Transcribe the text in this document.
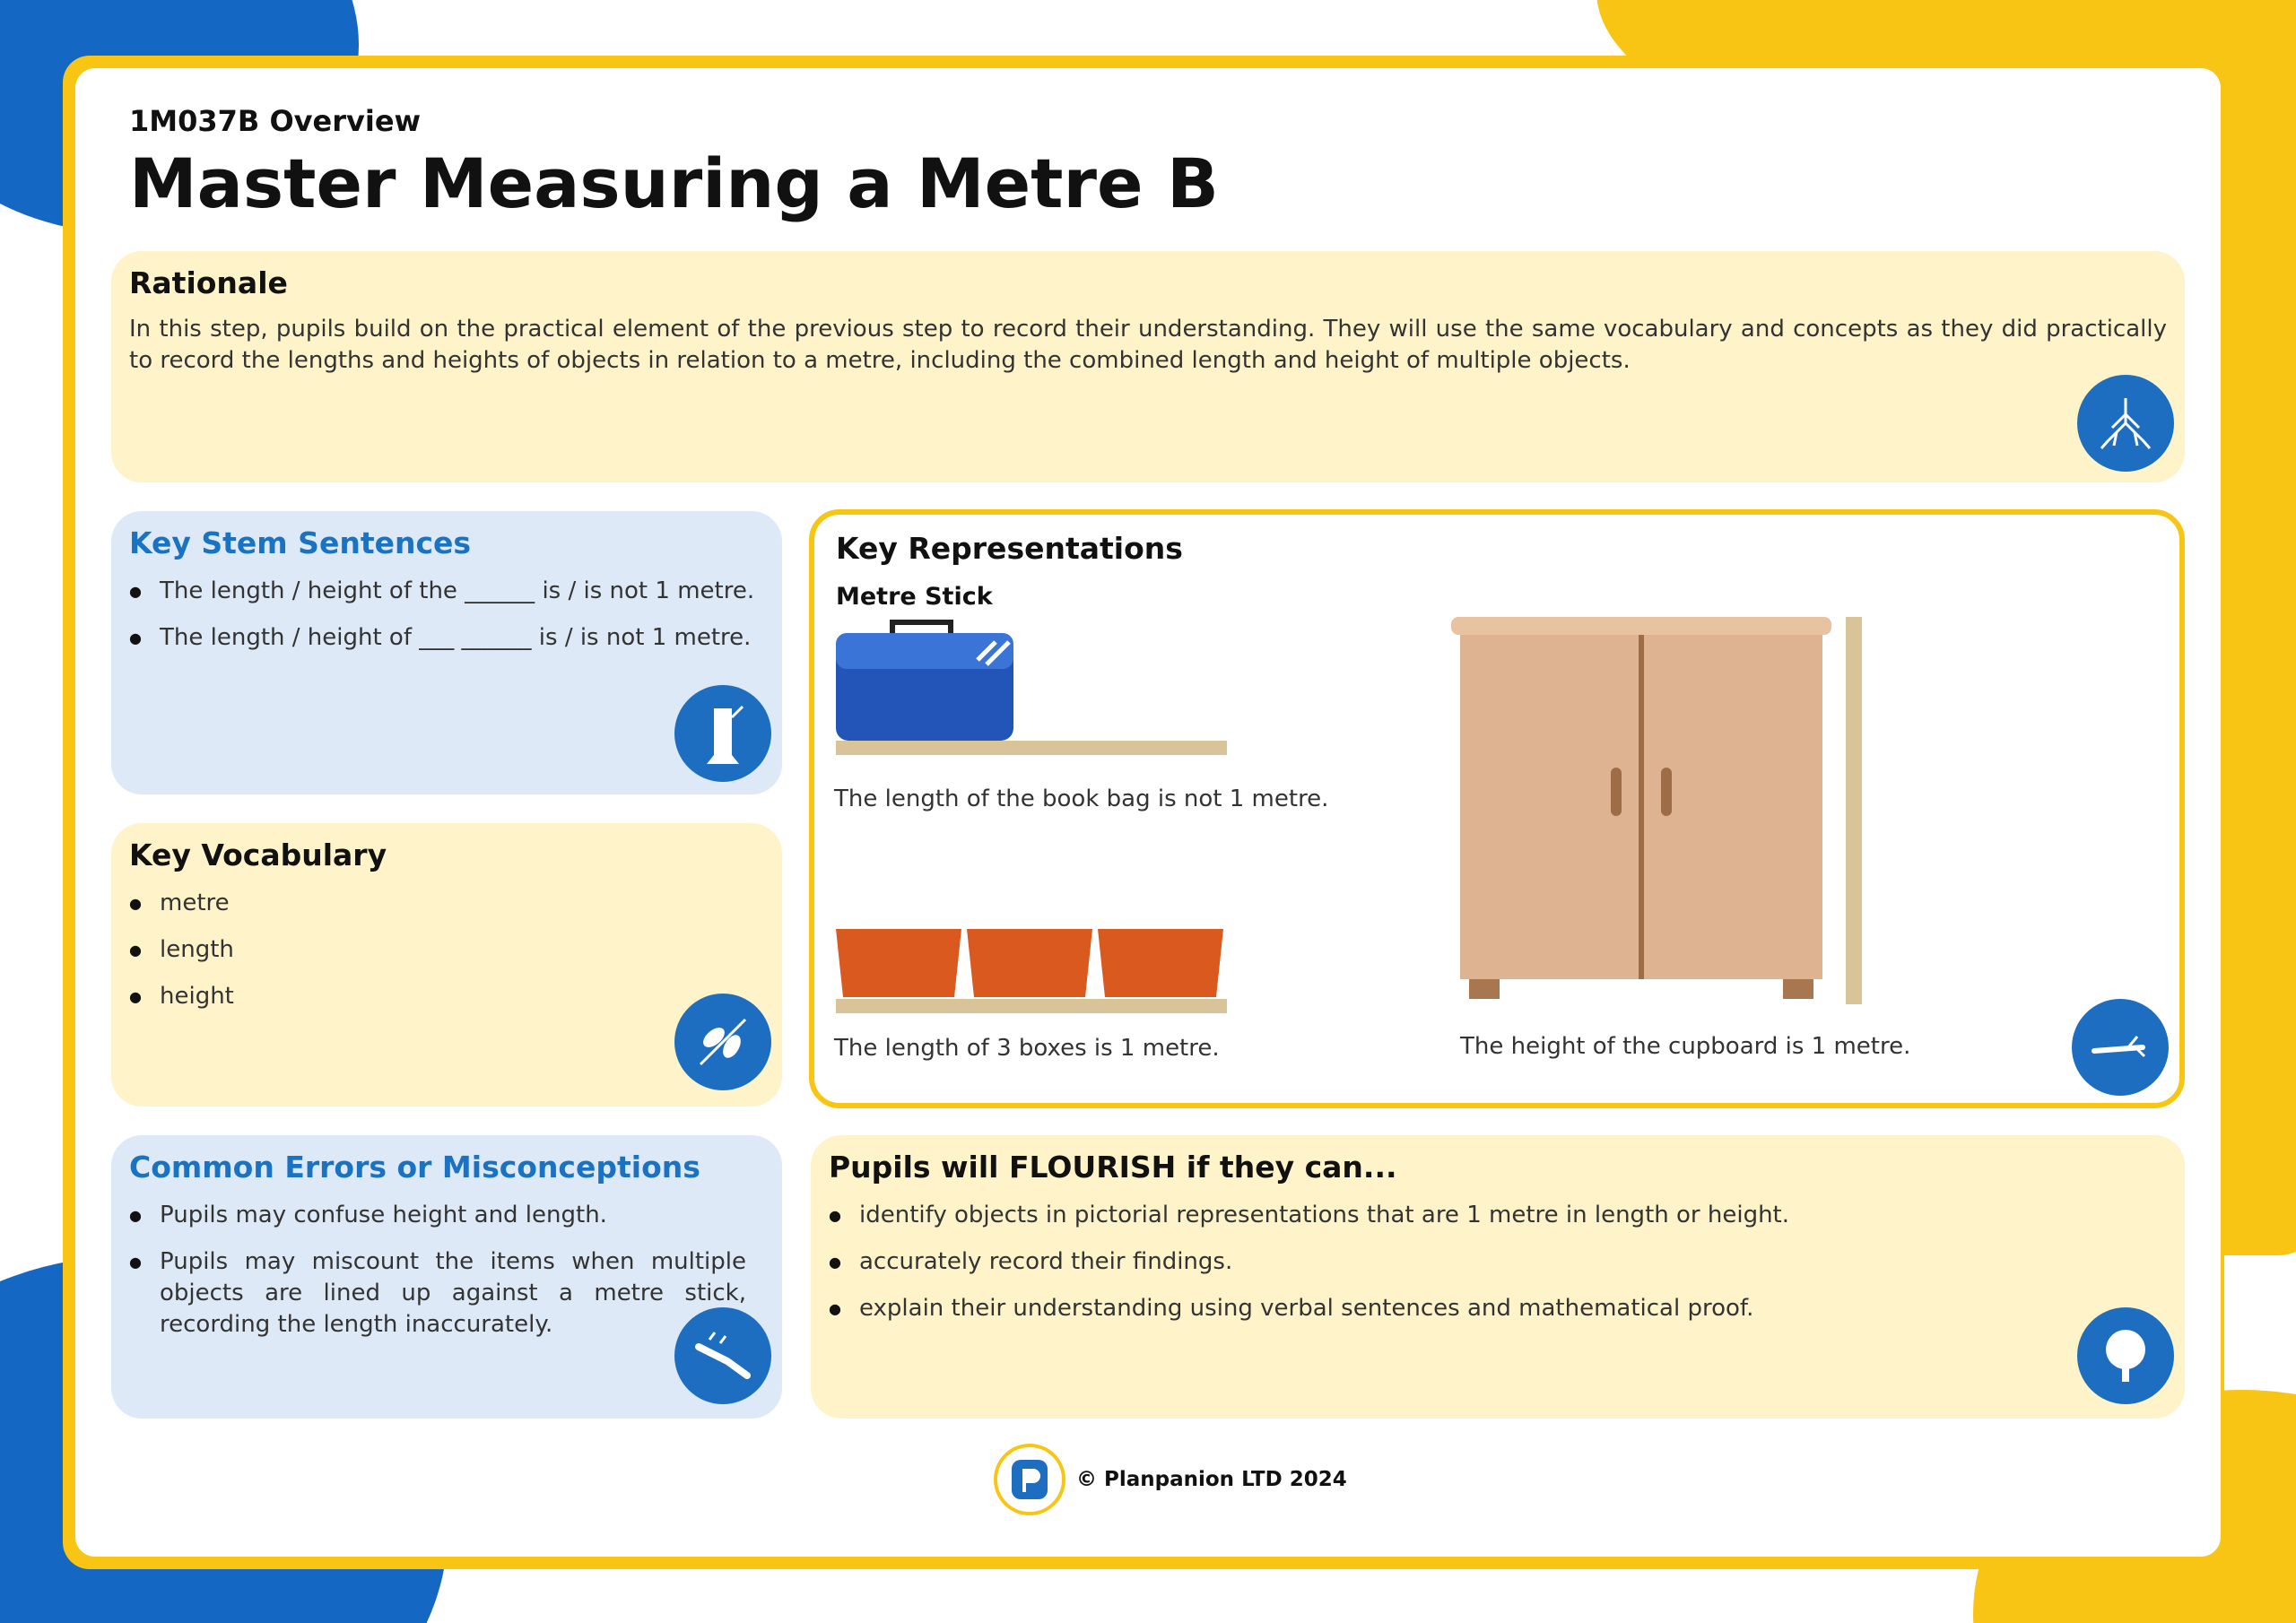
1M037B Overview
Master Measuring a Metre B
Rationale

In this step, pupils build on the practical element of the previous step to record their understanding. They will use the same vocabulary and concepts as they did practically to record the lengths and heights of objects in relation to a metre, including the combined length and height of multiple objects.

Key Stem Sentences
● The length / height of the ______ is / is not 1 metre.
● The length / height of ___ ______ is / is not 1 metre.
Key Vocabulary
● metre
● length
● height
Common Errors or Misconceptions
● Pupils may confuse height and length.
● Pupils may miscount the items when multiple objects are lined up against a metre stick, recording the length inaccurately.
Key Representations
Metre Stick
The length of the book bag is not 1 metre.
The length of 3 boxes is 1 metre.	The height of the cupboard is 1 metre.
Pupils will FLOURISH if they can...
● identify objects in pictorial representations that are 1 metre in length or height.
● accurately record their findings.
● explain their understanding using verbal sentences and mathematical proof.
© Planpanion LTD 2024
